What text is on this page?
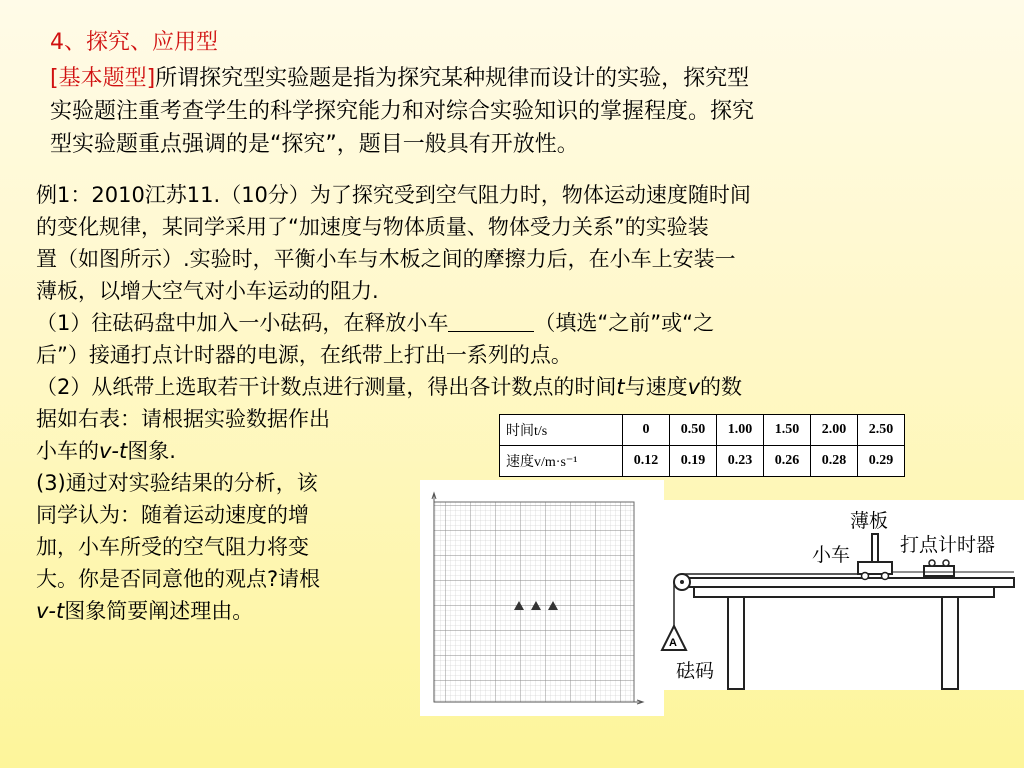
4、探究、应用型
[基本题型]所谓探究型实验题是指为探究某种规律而设计的实验，探究型
实验题注重考查学生的科学探究能力和对综合实验知识的掌握程度。探究
型实验题重点强调的是“探究”，题目一般具有开放性。
例1：2010江苏11.（10分）为了探究受到空气阻力时，物体运动速度随时间
的变化规律，某同学采用了“加速度与物体质量、物体受力关系”的实验装
置（如图所示）.实验时，平衡小车与木板之间的摩擦力后，在小车上安装一
薄板，以增大空气对小车运动的阻力.
（1）往砝码盘中加入一小砝码，在释放小车	（填选“之前”或“之
后”）接通打点计时器的电源，在纸带上打出一系列的点。
（2）从纸带上选取若干计数点进行测量，得出各计数点的时间t与速度v的数
据如右表：请根据实验数据作出
小车的v-t图象.
(3)通过对实验结果的分析，该
同学认为：随着运动速度的增
加，小车所受的空气阻力将变
大。你是否同意他的观点?请根
v-t图象简要阐述理由。
时间t/s	0	0.50	1.00	1.50	2.00	2.50
速度v/m·s⁻¹	0.12	0.19	0.23	0.26	0.28	0.29
A
薄板
小车	打点计时器
砝码
